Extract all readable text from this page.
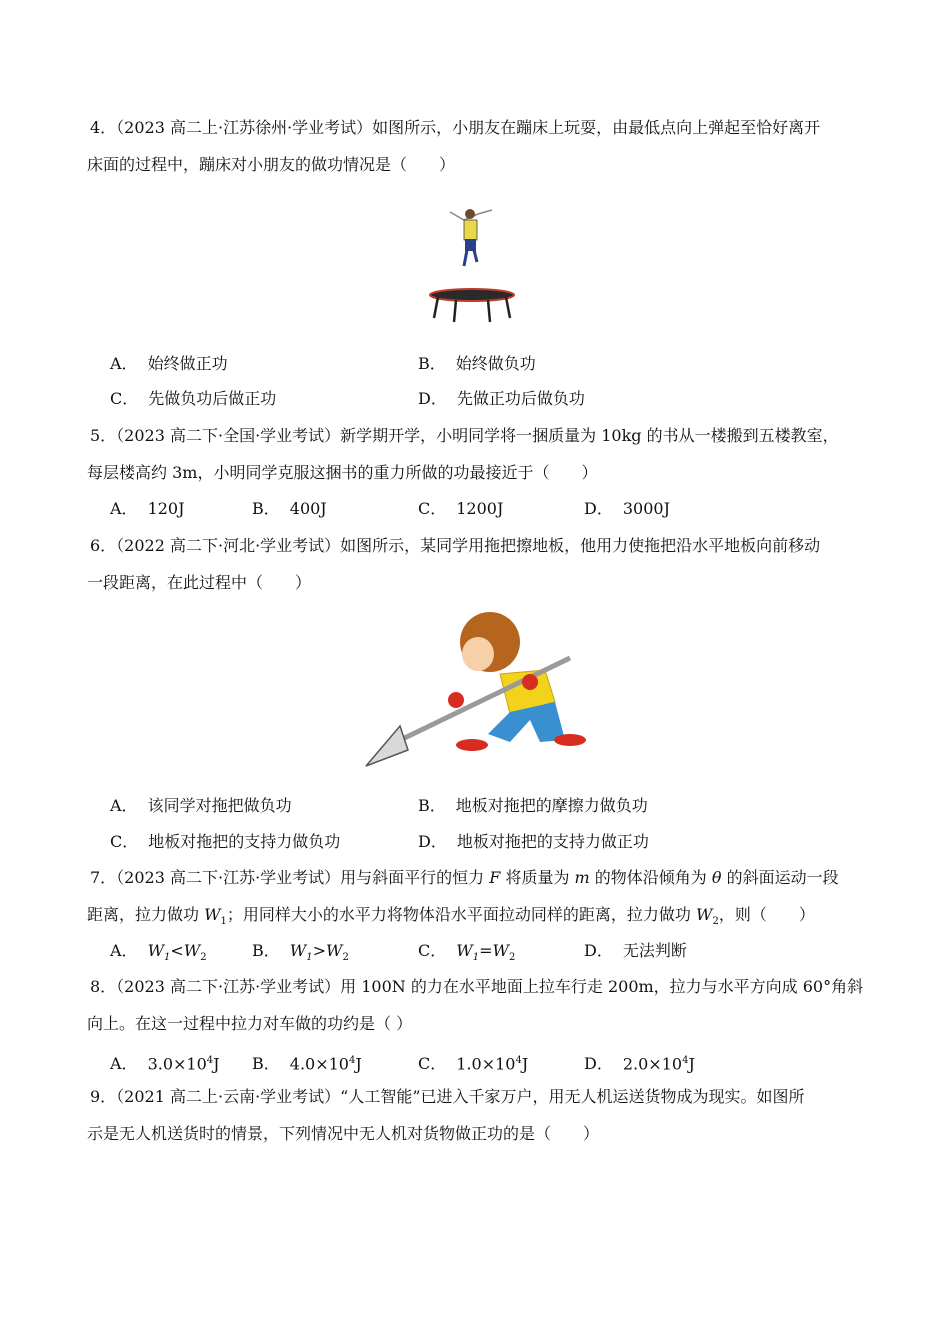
4．（2023 高二上·江苏徐州·学业考试）如图所示，小朋友在蹦床上玩耍，由最低点向上弹起至恰好离开
床面的过程中，蹦床对小朋友的做功情况是（　　）
A． 始终做正功	B． 始终做负功
C． 先做负功后做正功	D． 先做正功后做负功
5．（2023 高二下·全国·学业考试）新学期开学，小明同学将一捆质量为 10kg 的书从一楼搬到五楼教室，
每层楼高约 3m，小明同学克服这捆书的重力所做的功最接近于（　　）
A． 120J	B． 400J	C． 1200J	D． 3000J
6．（2022 高二下·河北·学业考试）如图所示，某同学用拖把擦地板，他用力使拖把沿水平地板向前移动
一段距离，在此过程中（　　）
A． 该同学对拖把做负功	B． 地板对拖把的摩擦力做负功
C． 地板对拖把的支持力做负功	D． 地板对拖把的支持力做正功
7．（2023 高二下·江苏·学业考试）用与斜面平行的恒力 F 将质量为 m 的物体沿倾角为 θ 的斜面运动一段
距离，拉力做功 $W_1$；用同样大小的水平力将物体沿水平面拉动同样的距离，拉力做功 $W_2$，则（　　）
A． $W_1<W_2$	B． $W_1>W_2$	C． $W_1=W_2$	D． 无法判断
8．（2023 高二下·江苏·学业考试）用 100N 的力在水平地面上拉车行走 200m，拉力与水平方向成 60°角斜
向上。在这一过程中拉力对车做的功约是（ ）
A． $3.0\times 10^4J$ B． $4.0\times 10^4J$	C． $1.0\times 10^4J$	D． $2.0\times 10^4J$
9．（2021 高二上·云南·学业考试）“人工智能”已进入千家万户，用无人机运送货物成为现实。如图所
示是无人机送货时的情景，下列情况中无人机对货物做正功的是（　　）
